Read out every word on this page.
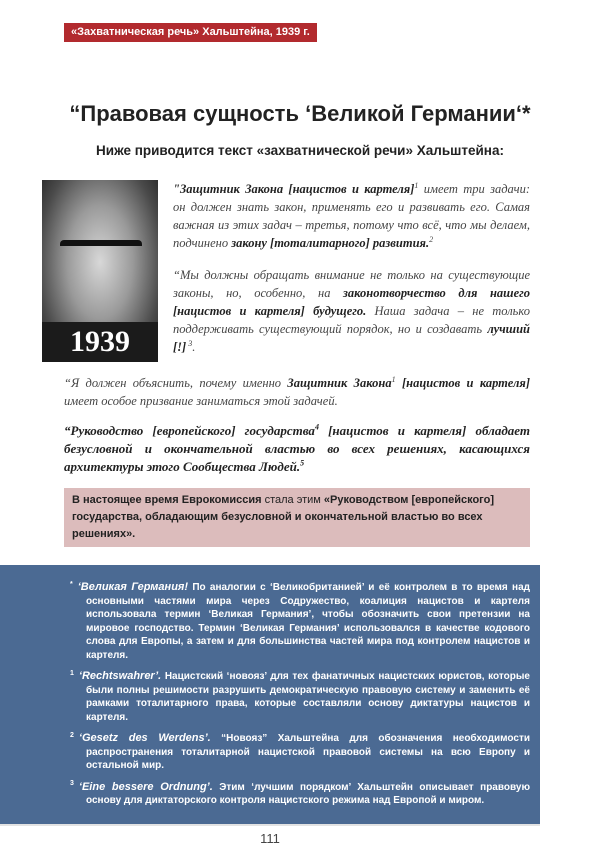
«Захватническая речь» Хальштейна, 1939 г.
“Правовая сущность ‘Великой Германии‘*
Ниже приводится текст «захватнической речи» Хальштейна:
1939
"Защитник Закона [нацистов и картеля]$^1$ имеет три задачи: он должен знать закон, применять его и развивать его. Самая важная из этих задач – третья, потому что всё, что мы делаем, подчинено закону [тоталитарного] развития.$^2$
“Мы должны обращать внимание не только на существующие законы, но, особенно, на законотворчество для нашего [нацистов и картеля] будущего. Наша задача – не только поддерживать существующий порядок, но и создавать лучший [!] $^3$.
“Я должен объяснить, почему именно Защитник Закона$^1$ [нацистов и картеля] имеет особое призвание заниматься этой задачей.
“Руководство [европейского] государства$^4$ [нацистов и картеля] обладает безусловной и окончательной властью во всех решениях, касающихся архитектуры этого Сообщества Людей.$^5$
В настоящее время Еврокомиссия стала этим «Руководством [европейского] государства, обладающим безусловной и окончательной властью во всех решениях».

* ‘Великая Германия! По аналогии с ‘Великобританией’ и её контролем в то время над основными частями мира через Содружество, коалиция нацистов и картеля использовала термин ‘Великая Германия’, чтобы обозначить свои претензии на мировое господство. Термин ‘Великая Германия’ использовался в качестве кодового слова для Европы, а затем и для большинства частей мира под контролем нацистов и картеля.

$^1$ ‘Rechtswahrer’. Нацистский ‘новояз’ для тех фанатичных нацистских юристов, которые были полны решимости разрушить демократическую правовую систему и заменить её рамками тоталитарного права, которые составляли основу диктатуры нацистов и картеля.

$^2$ ‘Gesetz des Werdens’. “Новояз” Хальштейна для обозначения необходимости распространения тоталитарной нацистской правовой системы на всю Европу и остальной мир.

$^3$ ‘Eine bessere Ordnung’. Этим ‘лучшим порядком’ Хальштейн описывает правовую основу для диктаторского контроля нацистского режима над Европой и миром.

111
